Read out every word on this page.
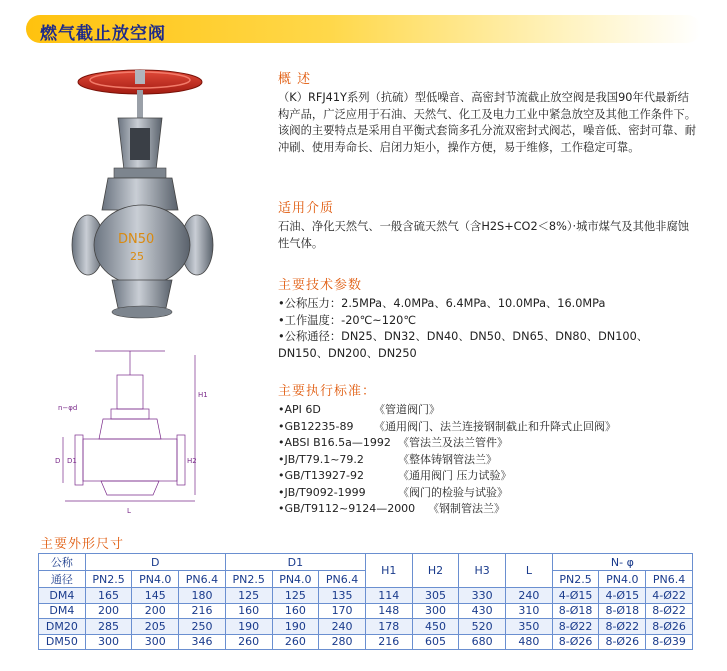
燃气截止放空阀
DN50
25
n−φd
D D1
H1
H2
L
概 述
（K）RFJ41Y系列（抗硫）型低噪音、高密封节流截止放空阀是我国90年代最新结构产品，广泛应用于石油、天然气、化工及电力工业中紧急放空及其他工作条件下。该阀的主要特点是采用自平衡式套筒多孔分流双密封式阀芯，噪音低、密封可靠、耐冲刷、使用寿命长、启闭力矩小，操作方便，易于维修，工作稳定可靠。
适用介质
石油、净化天然气、一般含硫天然气（含H2S+CO2＜8%）·城市煤气及其他非腐蚀性气体。
主要技术参数
•公称压力：2.5MPa、4.0MPa、6.4MPa、10.0MPa、16.0MPa
•工作温度：-20℃~120℃
•公称通径：DN25、DN32、DN40、DN50、DN65、DN80、DN100、DN150、DN200、DN250
主要执行标准：
•API 6D	《管道阀门》
•GB12235-89	《通用阀门、法兰连接钢制截止和升降式止回阀》
•ABSI B16.5a—1992 《管法兰及法兰管件》
•JB/T79.1~79.2	《整体铸钢管法兰》
•GB/T13927-92	《通用阀门 压力试验》
•JB/T9092-1999	《阀门的检验与试验》
•GB/T9112~9124—2000	《钢制管法兰》
主要外形尺寸
公称	D			D1			H1	H2	H3	L	N- φ		
通径	PN2.5	PN4.0	PN6.4	PN2.5	PN4.0	PN6.4					PN2.5	PN4.0	PN6.4
DM4	165	145	180	125	125	135	114	305	330	240	4-Ø15	4-Ø15	4-Ø22
DM4	200	200	216	160	160	170	148	300	430	310	8-Ø18	8-Ø18	8-Ø22
DM20	285	205	250	190	190	240	178	450	520	350	8-Ø22	8-Ø22	8-Ø26
DM50	300	300	346	260	260	280	216	605	680	480	8-Ø26	8-Ø26	8-Ø39
